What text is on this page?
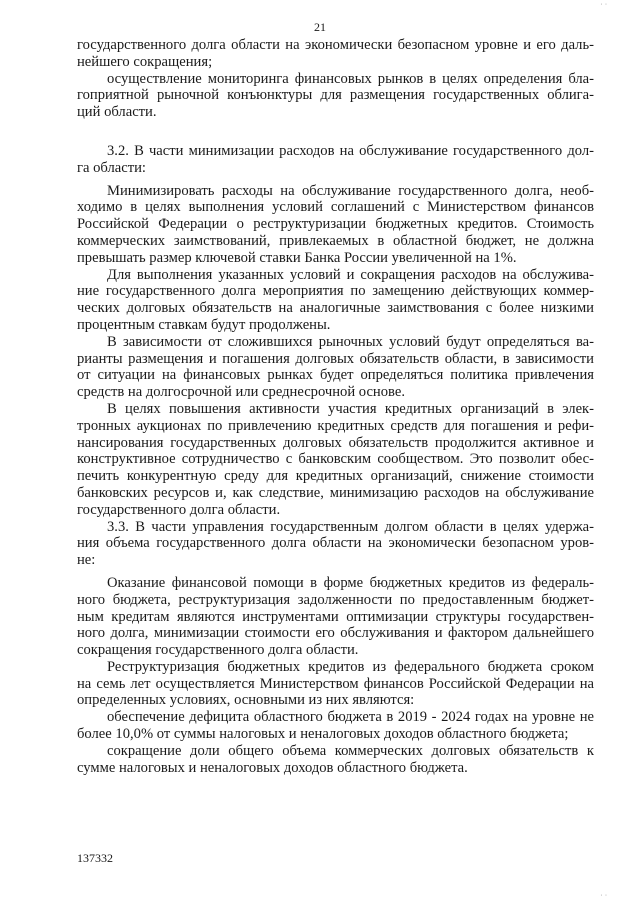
21
˙ ˙
государственного долга области на экономически безопасном уровне и его даль-
нейшего сокращения;
осуществление мониторинга финансовых рынков в целях определения бла-
гоприятной рыночной конъюнктуры для размещения государственных облига-
ций области.
3.2. В части минимизации расходов на обслуживание государственного дол-
га области:
Минимизировать расходы на обслуживание государственного долга, необ-
ходимо в целях выполнения условий соглашений с Министерством финансов
Российской Федерации о реструктуризации бюджетных кредитов. Стоимость
коммерческих заимствований, привлекаемых в областной бюджет, не должна
превышать размер ключевой ставки Банка России увеличенной на 1%.
Для выполнения указанных условий и сокращения расходов на обслужива-
ние государственного долга мероприятия по замещению действующих коммер-
ческих долговых обязательств на аналогичные заимствования с более низкими
процентным ставкам будут продолжены.
В зависимости от сложившихся рыночных условий будут определяться ва-
рианты размещения и погашения долговых обязательств области, в зависимости
от ситуации на финансовых рынках будет определяться политика привлечения
средств на долгосрочной или среднесрочной основе.
В целях повышения активности участия кредитных организаций в элек-
тронных аукционах по привлечению кредитных средств для погашения и рефи-
нансирования государственных долговых обязательств продолжится активное и
конструктивное сотрудничество с банковским сообществом. Это позволит обес-
печить конкурентную среду для кредитных организаций, снижение стоимости
банковских ресурсов и, как следствие, минимизацию расходов на обслуживание
государственного долга области.
3.3. В части управления государственным долгом области в целях удержа-
ния объема государственного долга области на экономически безопасном уров-
не:
Оказание финансовой помощи в форме бюджетных кредитов из федераль-
ного бюджета, реструктуризация задолженности по предоставленным бюджет-
ным кредитам являются инструментами оптимизации структуры государствен-
ного долга, минимизации стоимости его обслуживания и фактором дальнейшего
сокращения государственного долга области.
Реструктуризация бюджетных кредитов из федерального бюджета сроком
на семь лет осуществляется Министерством финансов Российской Федерации на
определенных условиях, основными из них являются:
обеспечение дефицита областного бюджета в 2019 - 2024 годах на уровне не
более 10,0% от суммы налоговых и неналоговых доходов областного бюджета;
сокращение доли общего объема коммерческих долговых обязательств к
сумме налоговых и неналоговых доходов областного бюджета.
137332
˙ ˙
